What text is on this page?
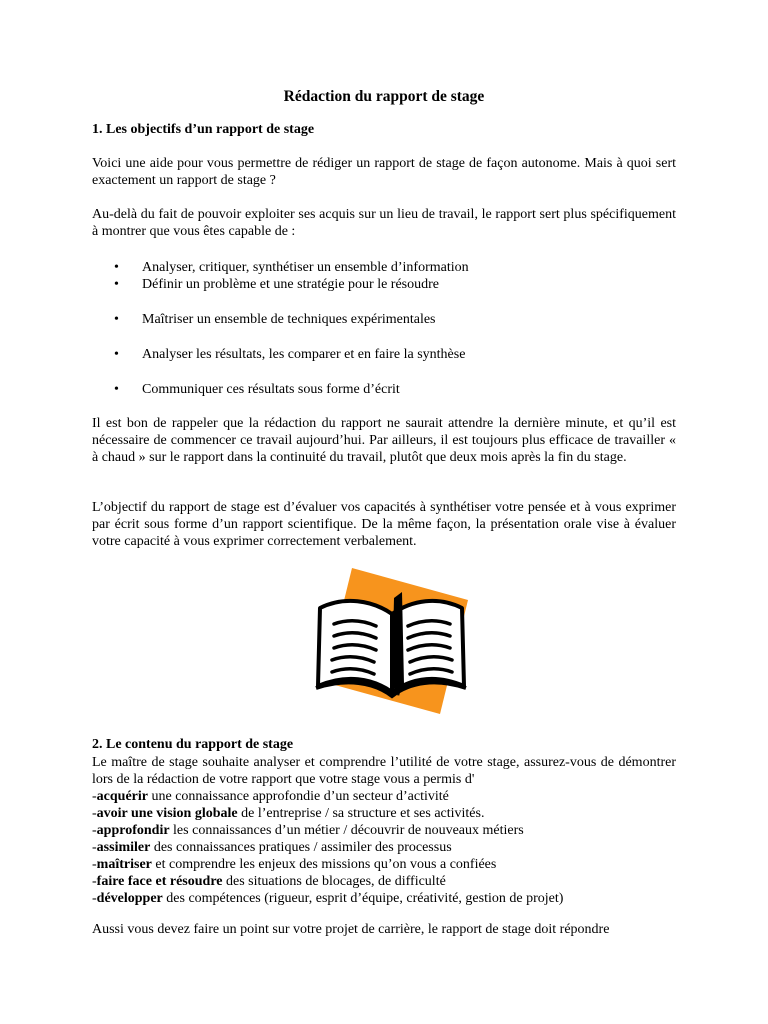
Rédaction du rapport de stage
1. Les objectifs d’un rapport de stage
Voici une aide pour vous permettre de rédiger un rapport de stage de façon autonome. Mais à quoi sert exactement un rapport de stage ?
Au-delà du fait de pouvoir exploiter ses acquis sur un lieu de travail, le rapport sert plus spécifiquement à montrer que vous êtes capable de :
• Analyser, critiquer, synthétiser un ensemble d’information
• Définir un problème et une stratégie pour le résoudre
• Maîtriser un ensemble de techniques expérimentales
• Analyser les résultats, les comparer et en faire la synthèse
• Communiquer ces résultats sous forme d’écrit
Il est bon de rappeler que la rédaction du rapport ne saurait attendre la dernière minute, et qu’il est nécessaire de commencer ce travail aujourd’hui. Par ailleurs, il est toujours plus efficace de travailler « à chaud » sur le rapport dans la continuité du travail, plutôt que deux mois après la fin du stage.
L’objectif du rapport de stage est d’évaluer vos capacités à synthétiser votre pensée et à vous exprimer par écrit sous forme d’un rapport scientifique. De la même façon, la présentation orale vise à évaluer votre capacité à vous exprimer correctement verbalement.
2. Le contenu du rapport de stage
Le maître de stage souhaite analyser et comprendre l’utilité de votre stage, assurez-vous de démontrer lors de la rédaction de votre rapport que votre stage vous a permis d'
-acquérir une connaissance approfondie d’un secteur d’activité
-avoir une vision globale de l’entreprise / sa structure et ses activités.
-approfondir les connaissances d’un métier / découvrir de nouveaux métiers
-assimiler des connaissances pratiques / assimiler des processus
-maîtriser et comprendre les enjeux des missions qu’on vous a confiées
-faire face et résoudre des situations de blocages, de difficulté
-développer des compétences (rigueur, esprit d’équipe, créativité, gestion de projet)
Aussi vous devez faire un point sur votre projet de carrière, le rapport de stage doit répondre
